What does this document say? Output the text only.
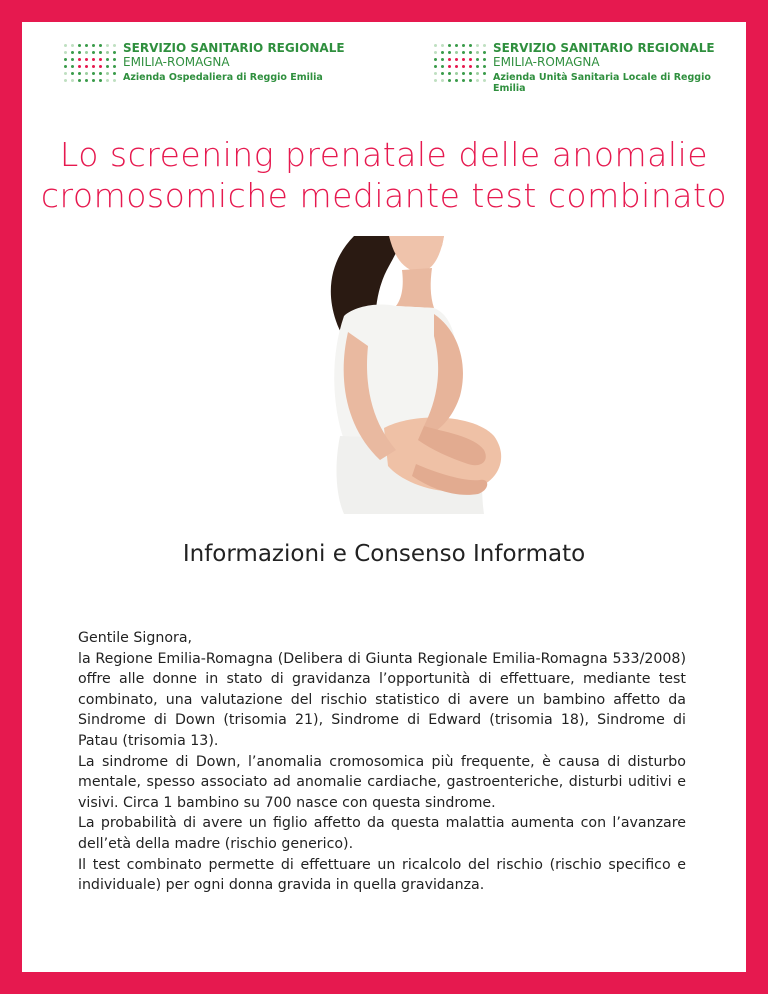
SERVIZIO SANITARIO REGIONALE
EMILIA-ROMAGNA
Azienda Ospedaliera di Reggio Emilia
SERVIZIO SANITARIO REGIONALE
EMILIA-ROMAGNA
Azienda Unità Sanitaria Locale di Reggio Emilia
Lo screening prenatale delle anomalie
cromosomiche mediante test combinato
Informazioni e Consenso Informato

Gentile Signora,

la Regione Emilia-Romagna (Delibera di Giunta Regionale Emilia-Romagna 533/2008) offre alle donne in stato di gravidanza l’opportunità di effettuare, mediante test combinato, una valutazione del rischio statistico di avere un bambino affetto da Sindrome di Down (trisomia 21), Sindrome di Edward (trisomia 18), Sindrome di Patau (trisomia 13).

La sindrome di Down, l’anomalia cromosomica più frequente, è causa di disturbo mentale, spesso associato ad anomalie cardiache, gastroenteriche, disturbi uditivi e visivi. Circa 1 bambino su 700 nasce con questa sindrome.

La probabilità di avere un figlio affetto da questa malattia aumenta con l’avanzare dell’età della madre (rischio generico).

Il test combinato permette di effettuare un ricalcolo del rischio (rischio specifico e individuale) per ogni donna gravida in quella gravidanza.
